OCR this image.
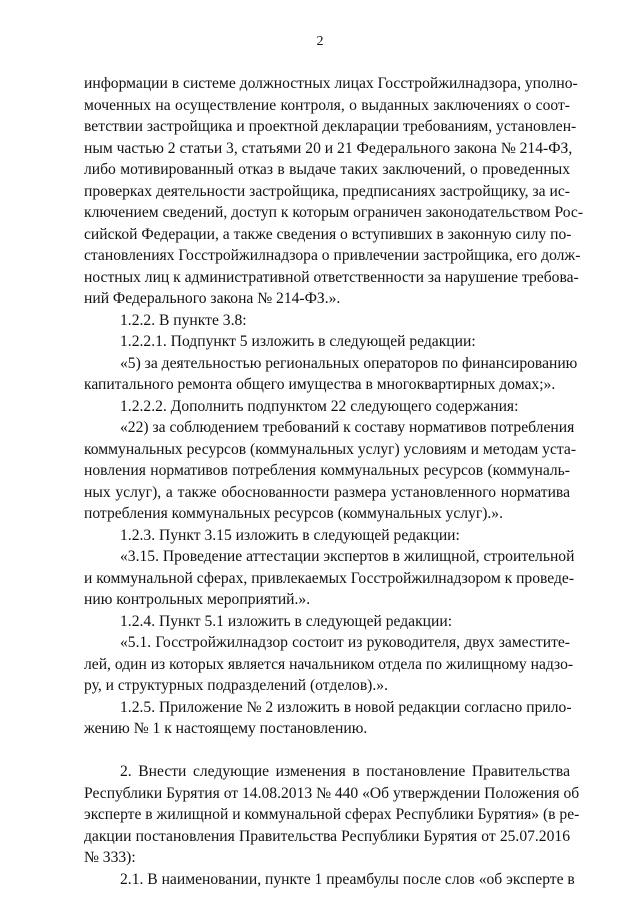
2
информации в системе должностных лицах Госстройжилнадзора, уполно-
моченных на осуществление контроля, о выданных заключениях о соот-
ветствии застройщика и проектной декларации требованиям, установлен-
ным частью 2 статьи 3, статьями 20 и 21 Федерального закона № 214-ФЗ,
либо мотивированный отказ в выдаче таких заключений, о проведенных
проверках деятельности застройщика, предписаниях застройщику, за ис-
ключением сведений, доступ к которым ограничен законодательством Рос-
сийской Федерации, а также сведения о вступивших в законную силу по-
становлениях Госстройжилнадзора о привлечении застройщика, его долж-
ностных лиц к административной ответственности за нарушение требова-
ний Федерального закона № 214-ФЗ.».
1.2.2. В пункте 3.8:
1.2.2.1. Подпункт 5 изложить в следующей редакции:
«5) за деятельностью региональных операторов по финансированию
капитального ремонта общего имущества в многоквартирных домах;».
1.2.2.2. Дополнить подпунктом 22 следующего содержания:
«22) за соблюдением требований к составу нормативов потребления
коммунальных ресурсов (коммунальных услуг) условиям и методам уста-
новления нормативов потребления коммунальных ресурсов (коммуналь-
ных услуг), а также обоснованности размера установленного норматива
потребления коммунальных ресурсов (коммунальных услуг).».
1.2.3. Пункт 3.15 изложить в следующей редакции:
«3.15. Проведение аттестации экспертов в жилищной, строительной
и коммунальной сферах, привлекаемых Госстройжилнадзором к проведе-
нию контрольных мероприятий.».
1.2.4. Пункт 5.1 изложить в следующей редакции:
«5.1. Госстройжилнадзор состоит из руководителя, двух заместите-
лей, один из которых является начальником отдела по жилищному надзо-
ру, и структурных подразделений (отделов).».
1.2.5. Приложение № 2 изложить в новой редакции согласно прило-
жению № 1 к настоящему постановлению.
2. Внести следующие изменения в постановление Правительства
Республики Бурятия от 14.08.2013 № 440 «Об утверждении Положения об
эксперте в жилищной и коммунальной сферах Республики Бурятия» (в ре-
дакции постановления Правительства Республики Бурятия от 25.07.2016
№ 333):
2.1. В наименовании, пункте 1 преамбулы после слов «об эксперте в
